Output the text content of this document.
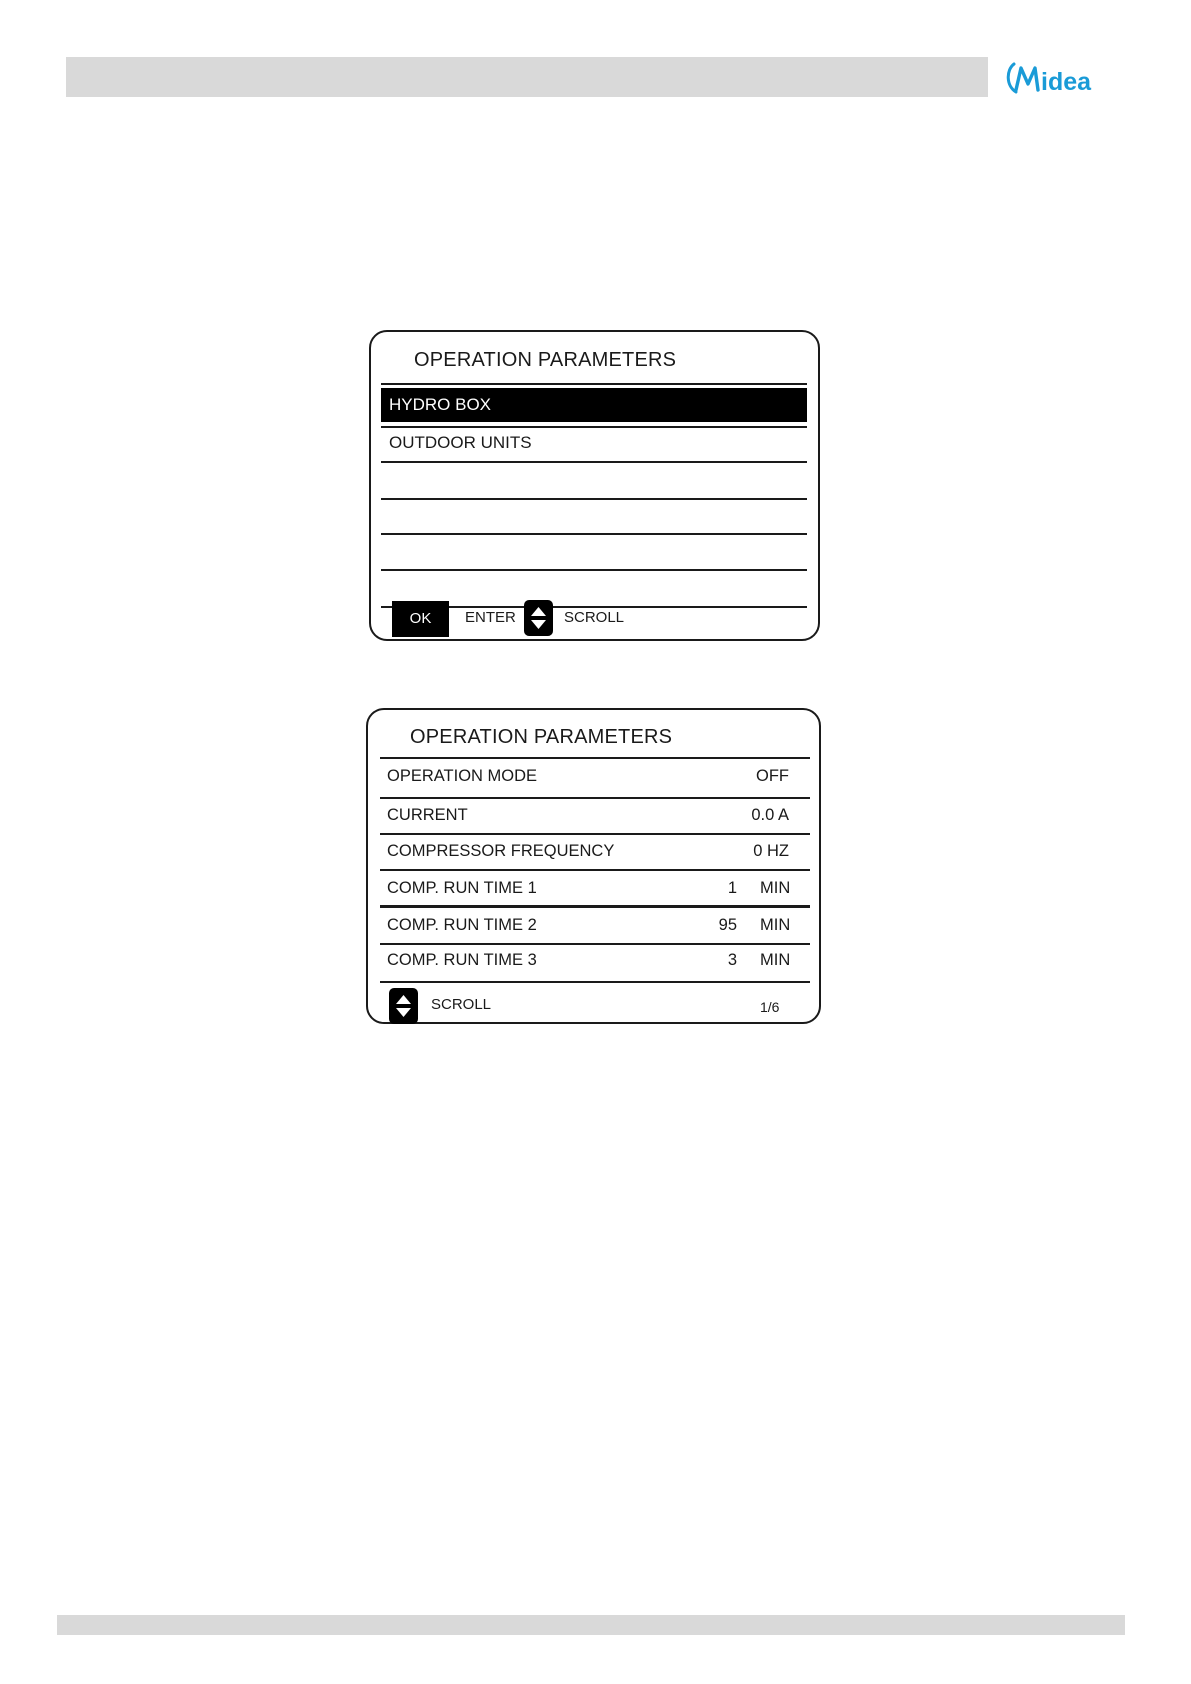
idea
OPERATION PARAMETERS
HYDRO BOX
OUTDOOR UNITS
OK	ENTER	SCROLL
OPERATION PARAMETERS
OPERATION MODE	OFF
CURRENT	0.0 A
COMPRESSOR FREQUENCY	0 HZ
COMP. RUN TIME 1	1 MIN
COMP. RUN TIME 2	95 MIN
COMP. RUN TIME 3	3 MIN
SCROLL	1/6
